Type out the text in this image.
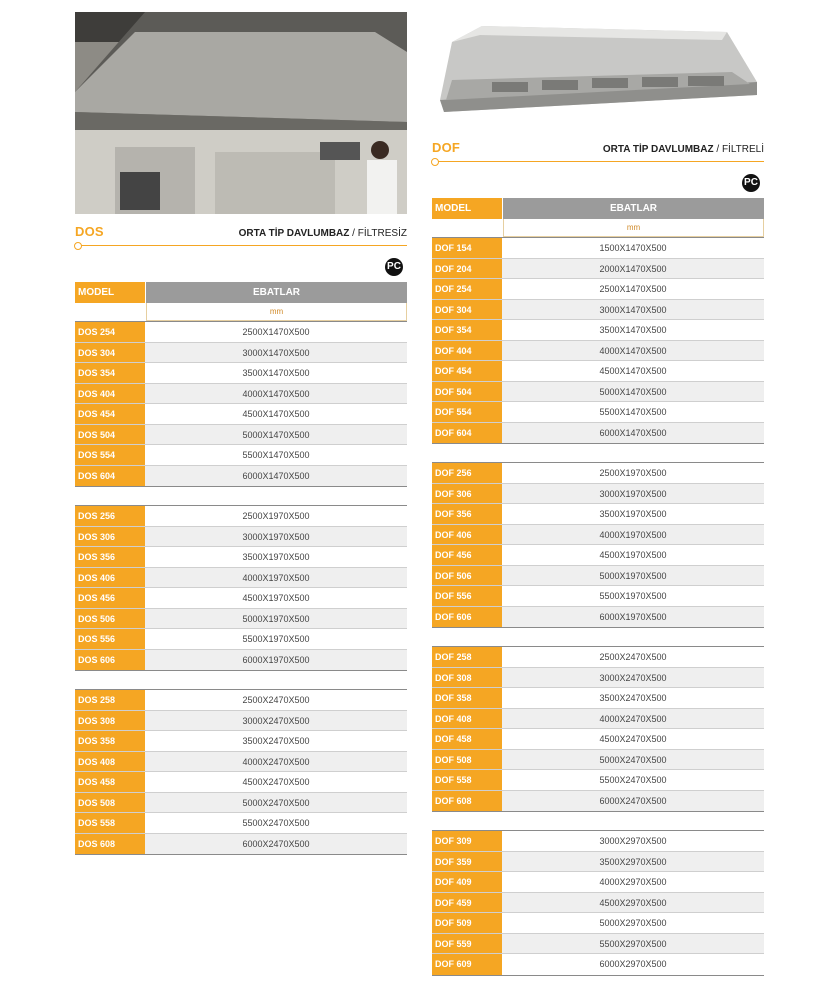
DOS	ORTA TİP DAVLUMBAZ / FİLTRESİZ
PC
MODEL	EBATLAR
mm
DOS 254	2500X1470X500
DOS 304	3000X1470X500
DOS 354	3500X1470X500
DOS 404	4000X1470X500
DOS 454	4500X1470X500
DOS 504	5000X1470X500
DOS 554	5500X1470X500
DOS 604	6000X1470X500
DOS 256	2500X1970X500
DOS 306	3000X1970X500
DOS 356	3500X1970X500
DOS 406	4000X1970X500
DOS 456	4500X1970X500
DOS 506	5000X1970X500
DOS 556	5500X1970X500
DOS 606	6000X1970X500
DOS 258	2500X2470X500
DOS 308	3000X2470X500
DOS 358	3500X2470X500
DOS 408	4000X2470X500
DOS 458	4500X2470X500
DOS 508	5000X2470X500
DOS 558	5500X2470X500
DOS 608	6000X2470X500
DOF	ORTA TİP DAVLUMBAZ / FİLTRELİ
PC
MODEL	EBATLAR
mm
DOF 154	1500X1470X500
DOF 204	2000X1470X500
DOF 254	2500X1470X500
DOF 304	3000X1470X500
DOF 354	3500X1470X500
DOF 404	4000X1470X500
DOF 454	4500X1470X500
DOF 504	5000X1470X500
DOF 554	5500X1470X500
DOF 604	6000X1470X500
DOF 256	2500X1970X500
DOF 306	3000X1970X500
DOF 356	3500X1970X500
DOF 406	4000X1970X500
DOF 456	4500X1970X500
DOF 506	5000X1970X500
DOF 556	5500X1970X500
DOF 606	6000X1970X500
DOF 258	2500X2470X500
DOF 308	3000X2470X500
DOF 358	3500X2470X500
DOF 408	4000X2470X500
DOF 458	4500X2470X500
DOF 508	5000X2470X500
DOF 558	5500X2470X500
DOF 608	6000X2470X500
DOF 309	3000X2970X500
DOF 359	3500X2970X500
DOF 409	4000X2970X500
DOF 459	4500X2970X500
DOF 509	5000X2970X500
DOF 559	5500X2970X500
DOF 609	6000X2970X500
